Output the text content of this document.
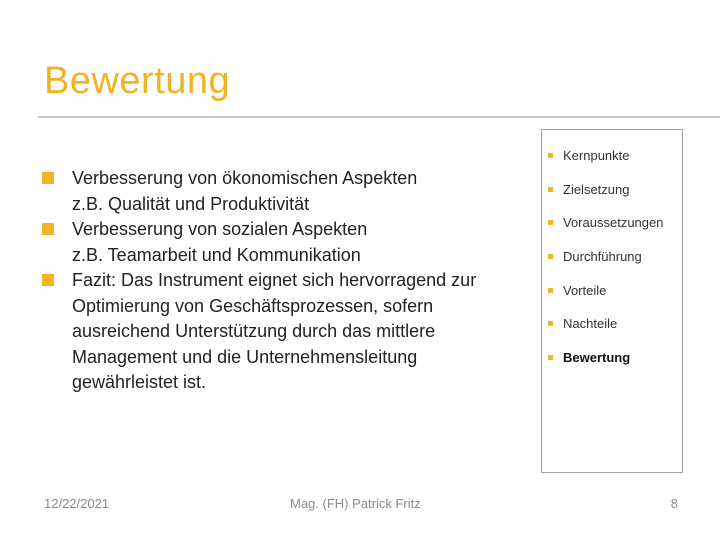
Bewertung
Verbesserung von ökonomischen Aspekten
z.B. Qualität und Produktivität
Verbesserung von sozialen Aspekten
z.B. Teamarbeit und Kommunikation
Fazit: Das Instrument eignet sich hervorragend zur
Optimierung von Geschäftsprozessen, sofern
ausreichend Unterstützung durch das mittlere
Management und die Unternehmensleitung
gewährleistet ist.
Kernpunkte
Zielsetzung
Voraussetzungen
Durchführung
Vorteile
Nachteile
Bewertung
12/22/2021	Mag. (FH) Patrick Fritz	8
